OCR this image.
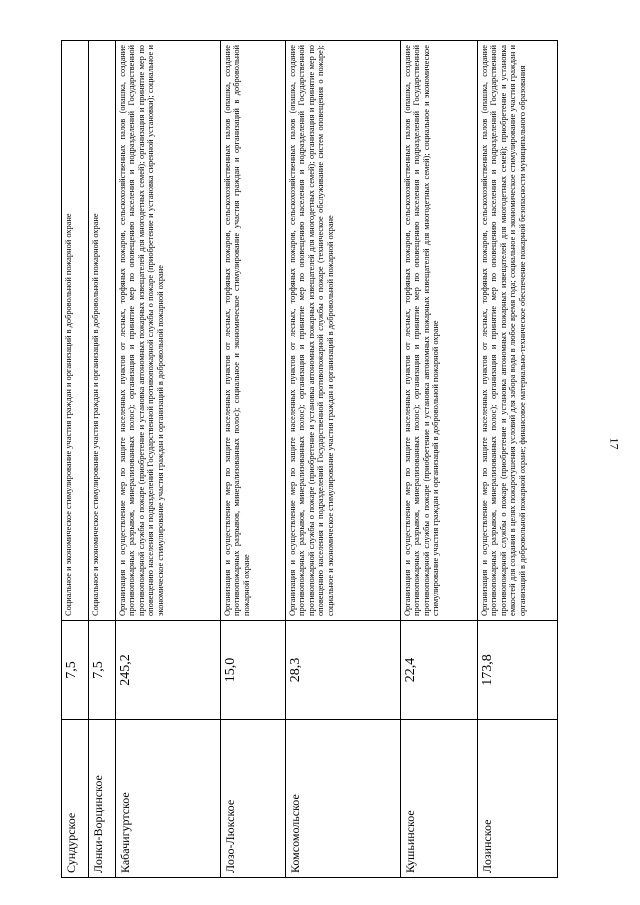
17
Сундурское	7,5	Социальное и экономическое стимулирование участия граждан и организаций в добровольной пожарной охране
Лонки-Ворцинское	7,5	Социальное и экономическое стимулирование участия граждан и организаций в добровольной пожарной охране
Кабачигуртское	245,2	Организация и осуществление мер по защите населенных пунктов от лесных, торфяных пожаров, сельскохозяйственных палов (опашка, создание противопожарных разрывов, минерализованных полос); организация и принятие мер по оповещению населения и подразделений Государственной противопожарной службы о пожаре (приобретение и установка автономных пожарных извещателей для многодетных семей); организация и принятие мер по оповещению населения и подразделений Государственной противопожарной службы о пожаре (приобретение и установка сиренной установки); социальное и экономическое стимулирование участия граждан и организаций в добровольной пожарной охране
Лозо-Люкское	15,0	Организация и осуществление мер по защите населенных пунктов от лесных, торфяных пожаров, сельскохозяйственных палов (опашка, создание противопожарных разрывов, минерализованных полос); социальное и экономическое стимулирование участия граждан и организаций в добровольной пожарной охране
Комсомольское	28,3	Организация и осуществление мер по защите населенных пунктов от лесных, торфяных пожаров, сельскохозяйственных палов (опашка, создание противопожарных разрывов, минерализованных полос); организация и принятие мер по оповещению населения и подразделений Государственной противопожарной службы о пожаре (приобретение и установка автономных пожарных извещателей для многодетных семей); организация и принятие мер по оповещению населения и подразделений Государственной противопожарной службы о пожаре (техническое обслуживание систем оповещения о пожаре); социальное и экономическое стимулирование участия граждан и организаций в добровольной пожарной охране
Кушьинское	22,4	Организация и осуществление мер по защите населенных пунктов от лесных, торфяных пожаров, сельскохозяйственных палов (опашка, создание противопожарных разрывов, минерализованных полос); организация и принятие мер по оповещению населения и подразделений Государственной противопожарной службы о пожаре (приобретение и установка автономных пожарных извещателей для многодетных семей); социальное и экономическое стимулирование участия граждан и организаций в добровольной пожарной охране
Лозинское	173,8	Организация и осуществление мер по защите населенных пунктов от лесных, торфяных пожаров, сельскохозяйственных палов (опашка, создание противопожарных разрывов, минерализованных полос); организация и принятие мер по оповещению населения и подразделений Государственной противопожарной службы о пожаре (приобретение и установка автономных пожарных извещателей для многодетных семей); приобретение и установка емкостей для создания в целях пожаротушения условий для забора воды в любое время года; социальное и экономическое стимулирование участия граждан и организаций в добровольной пожарной охране; финансовое материально-техническое обеспечение пожарной безопасности муниципального образования
